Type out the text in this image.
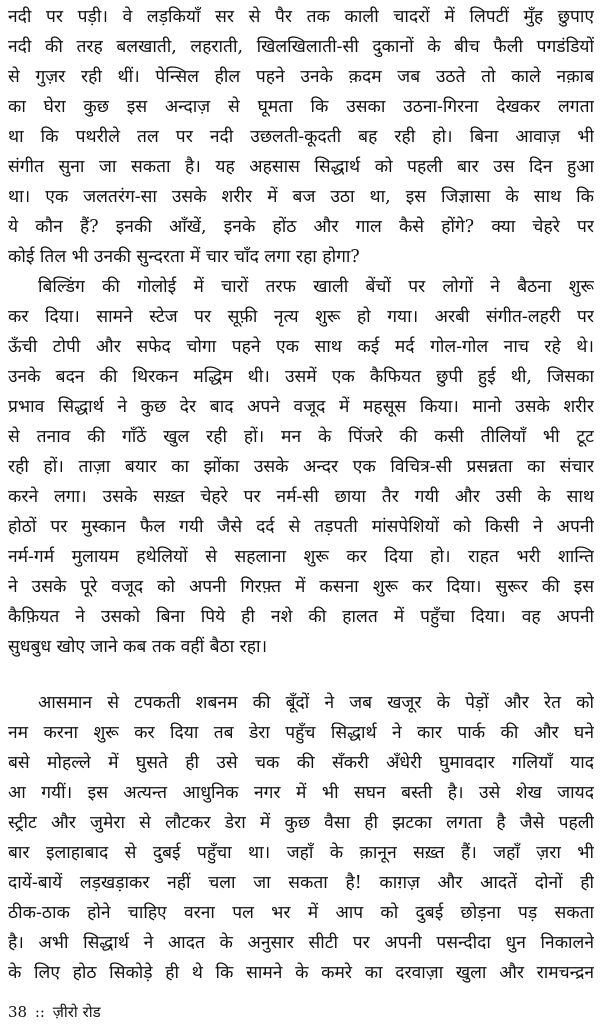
नदी पर पड़ी। वे लड़कियाँ सर से पैर तक काली चादरों में लिपटीं मुँह छुपाए
नदी की तरह बलखाती, लहराती, खिलखिलाती-सी दुकानों के बीच फैली पगडंडियों
से गुज़र रही थीं। पेन्सिल हील पहने उनके क़दम जब उठते तो काले नक़ाब
का घेरा कुछ इस अन्दाज़ से घूमता कि उसका उठना-गिरना देखकर लगता
था कि पथरीले तल पर नदी उछलती-कूदती बह रही हो। बिना आवाज़ भी
संगीत सुना जा सकता है। यह अहसास सिद्धार्थ को पहली बार उस दिन हुआ
था। एक जलतरंग-सा उसके शरीर में बज उठा था, इस जिज्ञासा के साथ कि
ये कौन हैं? इनकी आँखें, इनके होंठ और गाल कैसे होंगे? क्या चेहरे पर
कोई तिल भी उनकी सुन्दरता में चार चाँद लगा रहा होगा?
बिल्डिंग की गोलोई में चारों तरफ खाली बेंचों पर लोगों ने बैठना शुरू
कर दिया। सामने स्टेज पर सूफ़ी नृत्य शुरू हो गया। अरबी संगीत-लहरी पर
ऊँची टोपी और सफेद चोगा पहने एक साथ कई मर्द गोल-गोल नाच रहे थे।
उनके बदन की थिरकन मद्धिम थी। उसमें एक कैफियत छुपी हुई थी, जिसका
प्रभाव सिद्धार्थ ने कुछ देर बाद अपने वजूद में महसूस किया। मानो उसके शरीर
से तनाव की गाँठें खुल रही हों। मन के पिंजरे की कसी तीलियाँ भी टूट
रही हों। ताज़ा बयार का झोंका उसके अन्दर एक विचित्र-सी प्रसन्नता का संचार
करने लगा। उसके सख़्त चेहरे पर नर्म-सी छाया तैर गयी और उसी के साथ
होठों पर मुस्कान फैल गयी जैसे दर्द से तड़पती मांसपेशियों को किसी ने अपनी
नर्म-गर्म मुलायम हथेलियों से सहलाना शुरू कर दिया हो। राहत भरी शान्ति
ने उसके पूरे वजूद को अपनी गिरफ़्त में कसना शुरू कर दिया। सुरूर की इस
कैफ़ियत ने उसको बिना पिये ही नशे की हालत में पहुँचा दिया। वह अपनी
सुधबुध खोए जाने कब तक वहीं बैठा रहा।
आसमान से टपकती शबनम की बूँदों ने जब खजूर के पेड़ों और रेत को
नम करना शुरू कर दिया तब डेरा पहुँच सिद्धार्थ ने कार पार्क की और घने
बसे मोहल्ले में घुसते ही उसे चक की सँकरी अँधेरी घुमावदार गलियाँ याद
आ गयीं। इस अत्यन्त आधुनिक नगर में भी सघन बस्ती है। उसे शेख जायद
स्ट्रीट और जुमेरा से लौटकर डेरा में कुछ वैसा ही झटका लगता है जैसे पहली
बार इलाहाबाद से दुबई पहुँचा था। जहाँ के क़ानून सख़्त हैं। जहाँ ज़रा भी
दायें-बायें लड़खड़ाकर नहीं चला जा सकता है! काग़ज़ और आदतें दोनों ही
ठीक-ठाक होने चाहिए वरना पल भर में आप को दुबई छोड़ना पड़ सकता
है। अभी सिद्धार्थ ने आदत के अनुसार सीटी पर अपनी पसन्दीदा धुन निकालने
के लिए होठ सिकोड़े ही थे कि सामने के कमरे का दरवाज़ा खुला और रामचन्द्रन
38 :: ज़ीरो रोड
